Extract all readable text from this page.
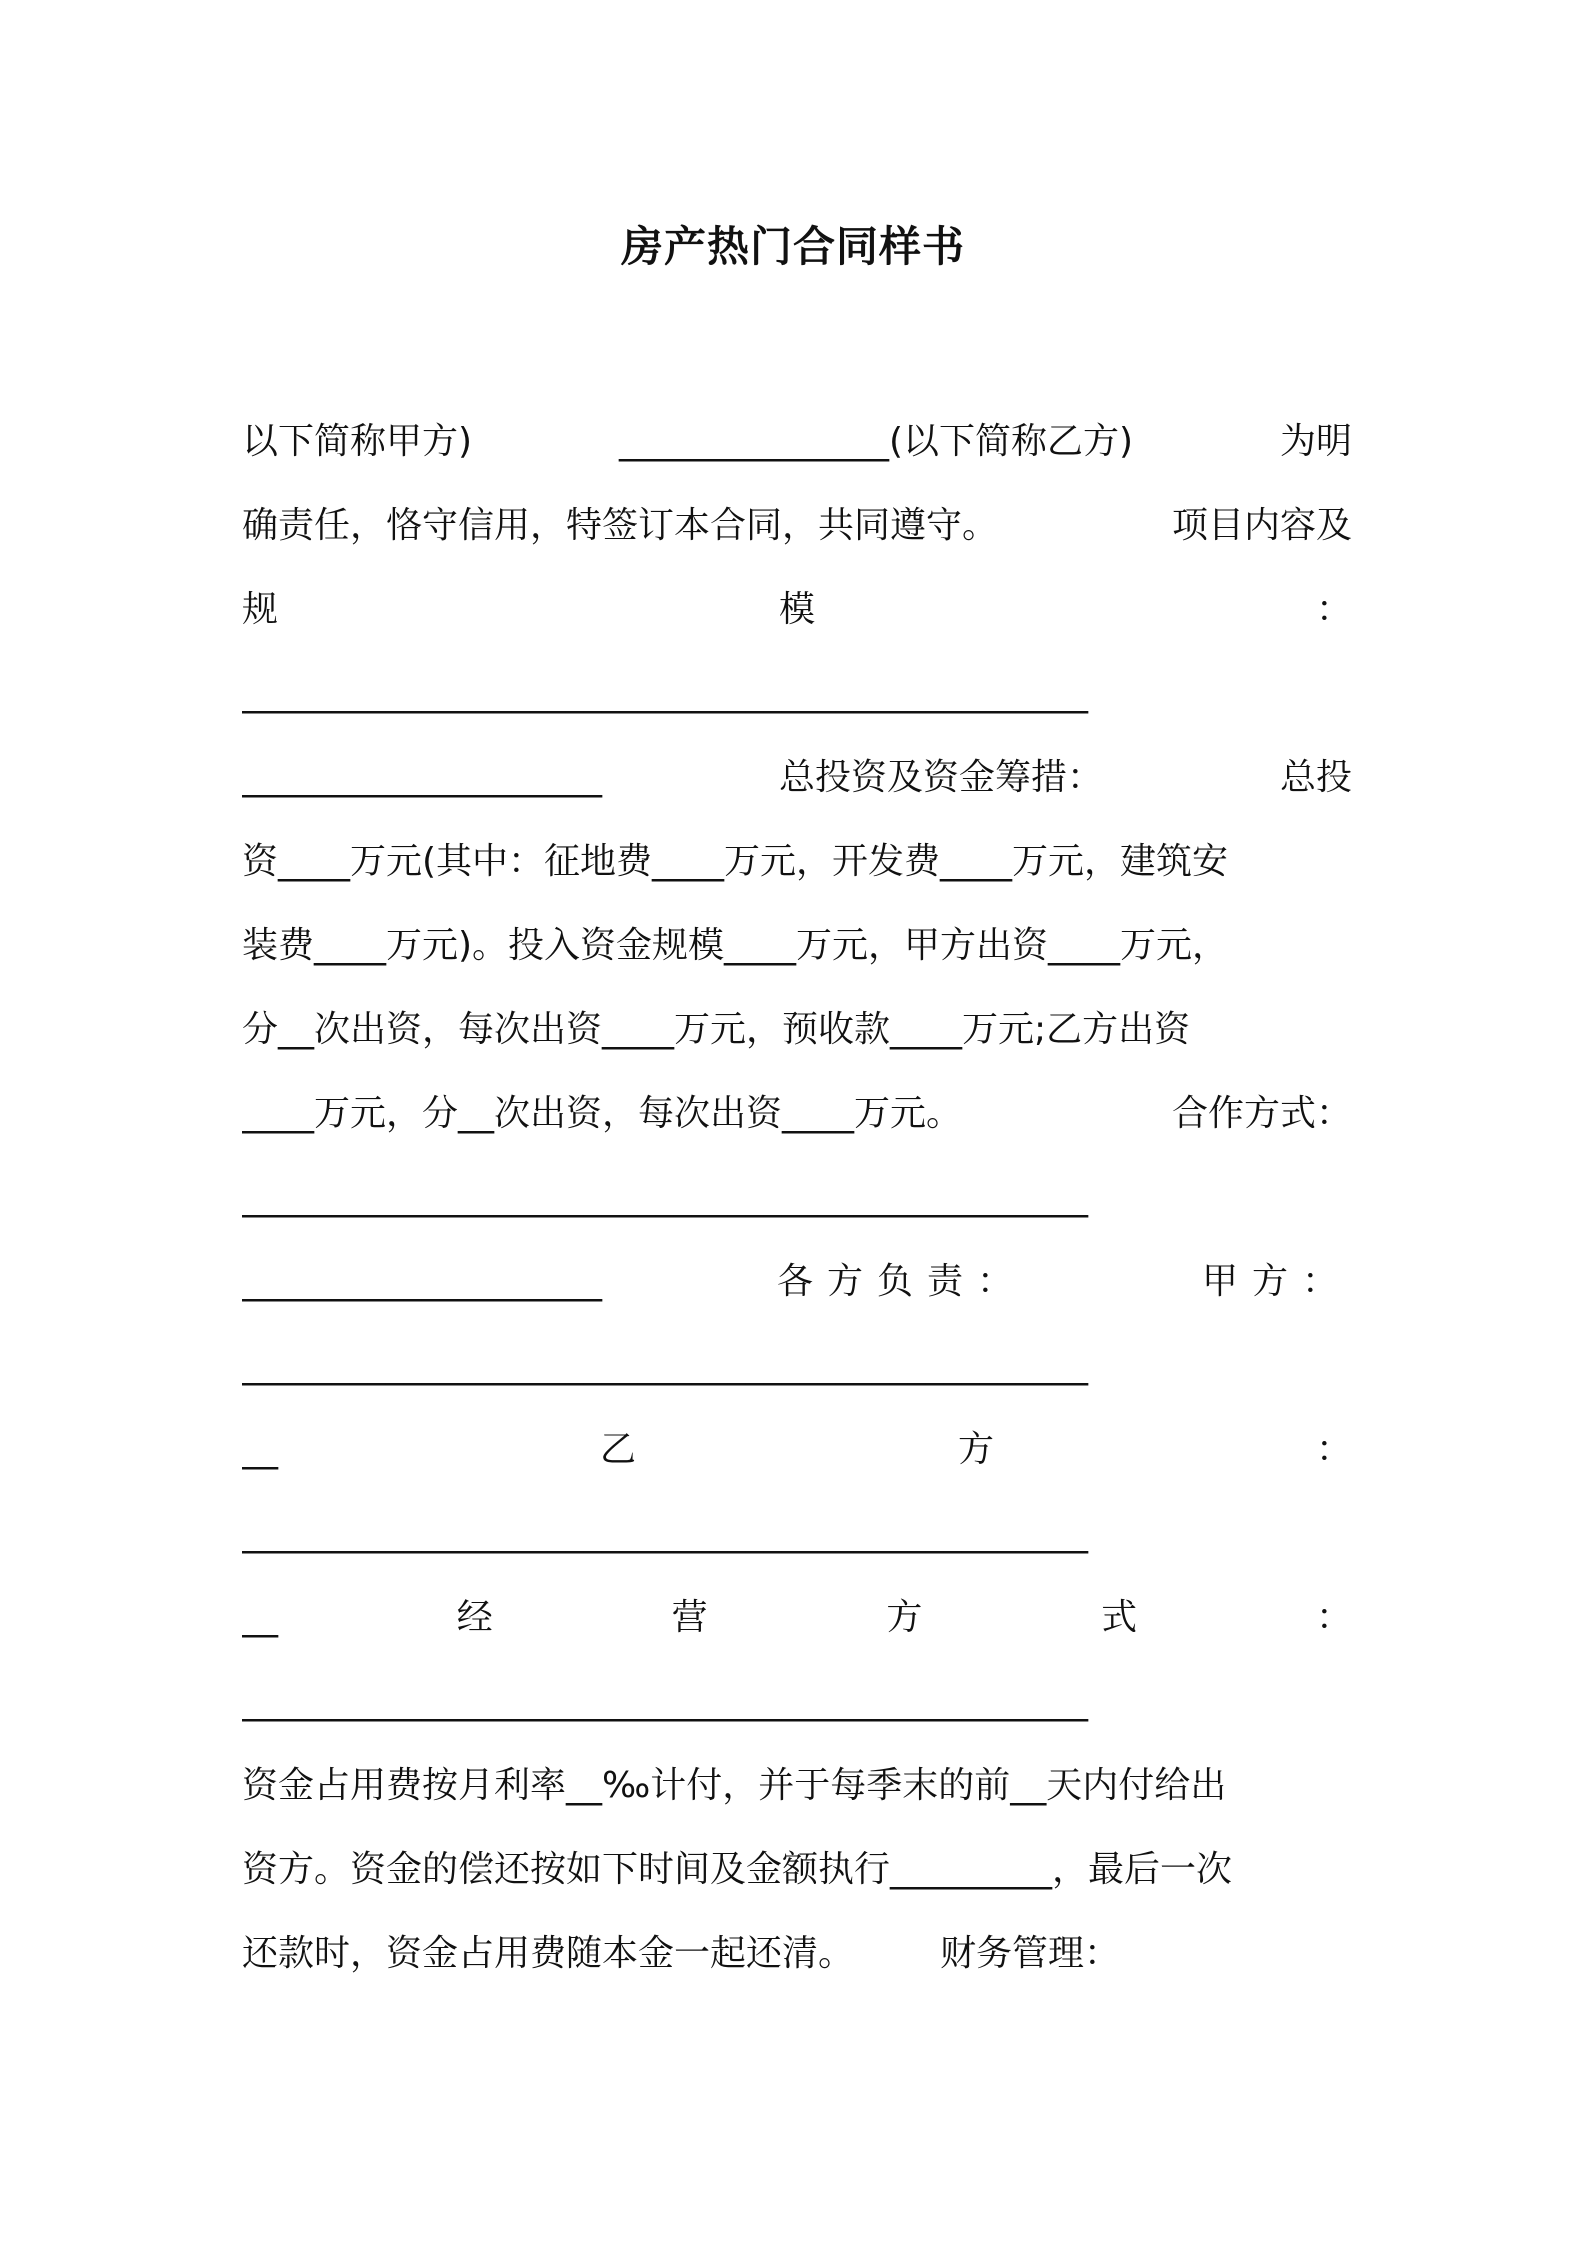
房产热门合同样书
以下简称甲方)	_______________(以下简称乙方)	为明
确责任，恪守信用，特签订本合同，共同遵守。	项目内容及
规	模	：
_______________________________________________
____________________	总投资及资金筹措：	总投
资____万元(其中：征地费____万元，开发费____万元，建筑安
装费____万元)。投入资金规模____万元，甲方出资____万元，
分__次出资，每次出资____万元，预收款____万元;乙方出资
____万元，分__次出资，每次出资____万元。	合作方式：
_______________________________________________
____________________	各方负责：	甲方：
_______________________________________________
__	乙	方	：
_______________________________________________
__	经	营	方	式	：
_______________________________________________
资金占用费按月利率__‰计付，并于每季末的前__天内付给出
资方。资金的偿还按如下时间及金额执行_________，最后一次
还款时，资金占用费随本金一起还清。 财务管理：
